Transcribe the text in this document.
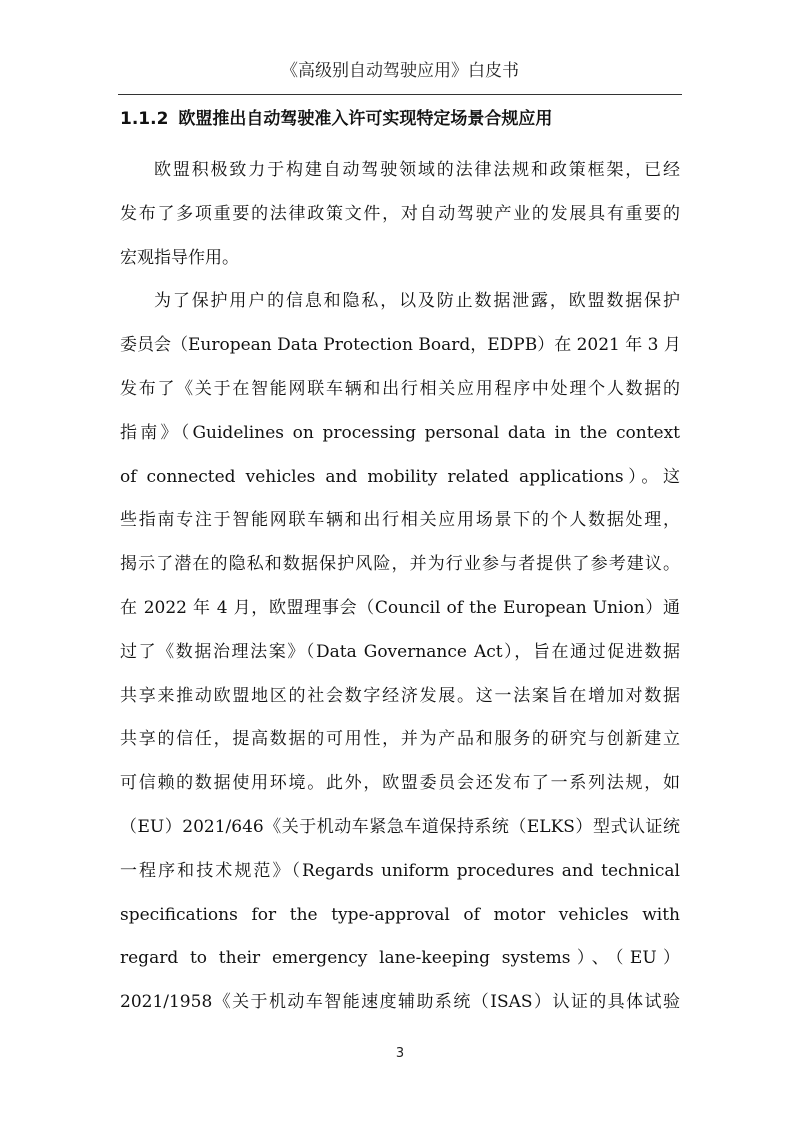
《高级别自动驾驶应用》白皮书
1.1.2 欧盟推出自动驾驶准入许可实现特定场景合规应用
欧盟积极致力于构建自动驾驶领域的法律法规和政策框架，已经
发布了多项重要的法律政策文件，对自动驾驶产业的发展具有重要的
宏观指导作用。
为了保护用户的信息和隐私，以及防止数据泄露，欧盟数据保护
委员会（European Data Protection Board，EDPB）在 2021 年 3 月
发布了《关于在智能网联车辆和出行相关应用程序中处理个人数据的
指南》（Guidelines on processing personal data in the context
of connected vehicles and mobility related applications）。这
些指南专注于智能网联车辆和出行相关应用场景下的个人数据处理，
揭示了潜在的隐私和数据保护风险，并为行业参与者提供了参考建议。
在 2022 年 4 月，欧盟理事会（Council of the European Union）通
过了《数据治理法案》（Data Governance Act），旨在通过促进数据
共享来推动欧盟地区的社会数字经济发展。这一法案旨在增加对数据
共享的信任，提高数据的可用性，并为产品和服务的研究与创新建立
可信赖的数据使用环境。此外，欧盟委员会还发布了一系列法规，如
（EU）2021/646《关于机动车紧急车道保持系统（ELKS）型式认证统
一程序和技术规范》（Regards uniform procedures and technical
specifications for the type-approval of motor vehicles with
regard to their emergency lane-keeping systems）、（EU）
2021/1958《关于机动车智能速度辅助系统（ISAS）认证的具体试验
3
